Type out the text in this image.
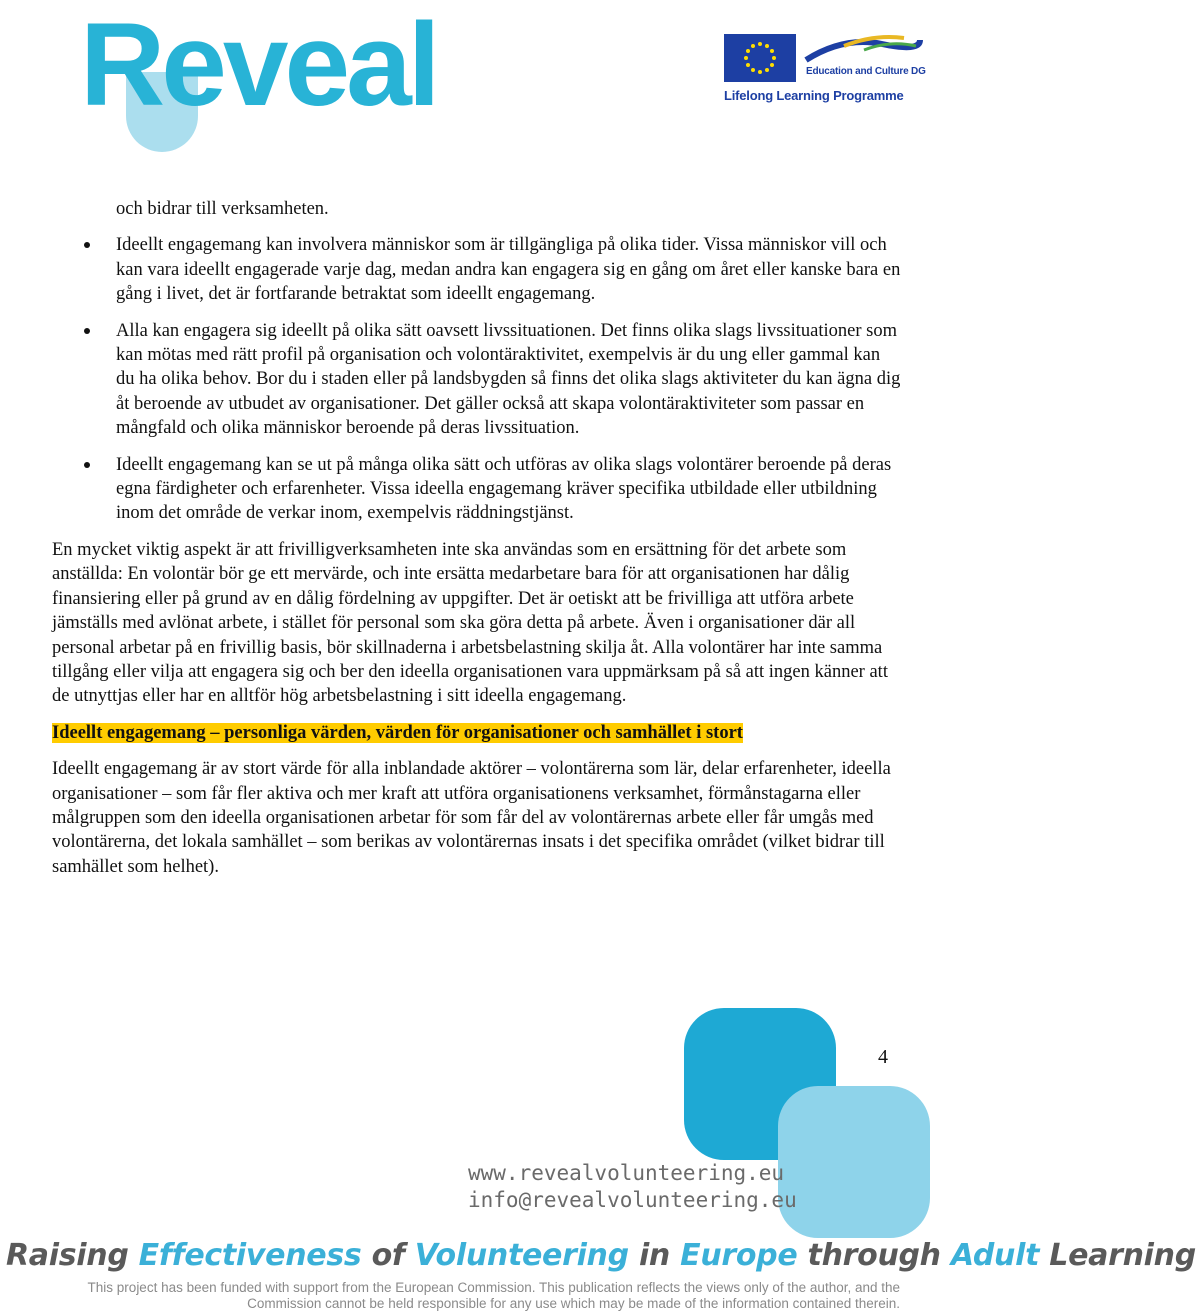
Reveal	Education and Culture DG
Lifelong Learning Programme

och bidrar till verksamheten.

Ideellt engagemang kan involvera människor som är tillgängliga på olika tider. Vissa människor vill och kan vara ideellt engagerade varje dag, medan andra kan engagera sig en gång om året eller kanske bara en gång i livet, det är fortfarande betraktat som ideellt engagemang.
Alla kan engagera sig ideellt på olika sätt oavsett livssituationen. Det finns olika slags livssituationer som kan mötas med rätt profil på organisation och volontäraktivitet, exempelvis är du ung eller gammal kan du ha olika behov. Bor du i staden eller på landsbygden så finns det olika slags aktiviteter du kan ägna dig åt beroende av utbudet av organisationer. Det gäller också att skapa volontäraktiviteter som passar en mångfald och olika människor beroende på deras livssituation.
Ideellt engagemang kan se ut på många olika sätt och utföras av olika slags volontärer beroende på deras egna färdigheter och erfarenheter. Vissa ideella engagemang kräver specifika utbildade eller utbildning inom det område de verkar inom, exempelvis räddningstjänst.

En mycket viktig aspekt är att frivilligverksamheten inte ska användas som en ersättning för det arbete som anställda: En volontär bör ge ett mervärde, och inte ersätta medarbetare bara för att organisationen har dålig finansiering eller på grund av en dålig fördelning av uppgifter. Det är oetiskt att be frivilliga att utföra arbete jämställs med avlönat arbete, i stället för personal som ska göra detta på arbete. Även i organisationer där all personal arbetar på en frivillig basis, bör skillnaderna i arbetsbelastning skilja åt. Alla volontärer har inte samma tillgång eller vilja att engagera sig och ber den ideella organisationen vara uppmärksam på så att ingen känner att de utnyttjas eller har en alltför hög arbetsbelastning i sitt ideella engagemang.

Ideellt engagemang – personliga värden, värden för organisationer och samhället i stort

Ideellt engagemang är av stort värde för alla inblandade aktörer – volontärerna som lär, delar erfarenheter, ideella organisationer – som får fler aktiva och mer kraft att utföra organisationens verksamhet, förmånstagarna eller målgruppen som den ideella organisationen arbetar för som får del av volontärernas arbete eller får umgås med volontärerna, det lokala samhället – som berikas av volontärernas insats i det specifika området (vilket bidrar till samhället som helhet).

4
www.revealvolunteering.eu
info@revealvolunteering.eu
Raising Effectiveness of Volunteering in Europe through Adult Learning
This project has been funded with support from the European Commission. This publication reflects the views only of the author, and the
Commission cannot be held responsible for any use which may be made of the information contained therein.
